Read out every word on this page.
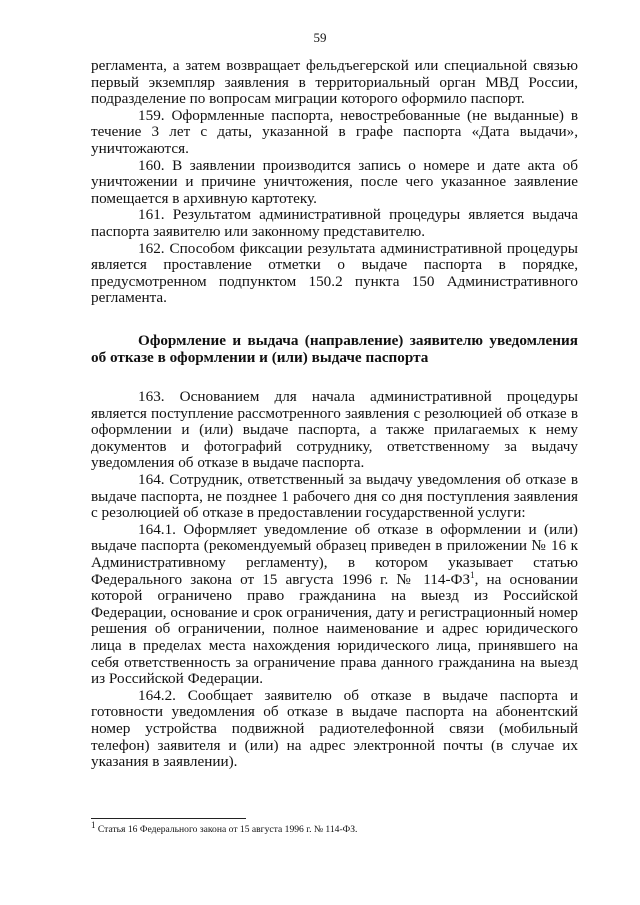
59

регламента, а затем возвращает фельдъегерской или специальной связью первый экземпляр заявления в территориальный орган МВД России, подразделение по вопросам миграции которого оформило паспорт.

159. Оформленные паспорта, невостребованные (не выданные) в течение 3 лет с даты, указанной в графе паспорта «Дата выдачи», уничтожаются.

160. В заявлении производится запись о номере и дате акта об уничтожении и причине уничтожения, после чего указанное заявление помещается в архивную картотеку.

161. Результатом административной процедуры является выдача паспорта заявителю или законному представителю.

162. Способом фиксации результата административной процедуры является проставление отметки о выдаче паспорта в порядке, предусмотренном подпунктом 150.2 пункта 150 Административного регламента.

Оформление и выдача (направление) заявителю уведомления об отказе в оформлении и (или) выдаче паспорта

163. Основанием для начала административной процедуры является поступление рассмотренного заявления с резолюцией об отказе в оформлении и (или) выдаче паспорта, а также прилагаемых к нему документов и фотографий сотруднику, ответственному за выдачу уведомления об отказе в выдаче паспорта.

164. Сотрудник, ответственный за выдачу уведомления об отказе в выдаче паспорта, не позднее 1 рабочего дня со дня поступления заявления с резолюцией об отказе в предоставлении государственной услуги:

164.1. Оформляет уведомление об отказе в оформлении и (или) выдаче паспорта (рекомендуемый образец приведен в приложении № 16 к Административному регламенту), в котором указывает статью Федерального закона от 15 августа 1996 г. № $114-ФЗ^1$, на основании которой ограничено право гражданина на выезд из Российской Федерации, основание и срок ограничения, дату и регистрационный номер решения об ограничении, полное наименование и адрес юридического лица в пределах места нахождения юридического лица, принявшего на себя ответственность за ограничение права данного гражданина на выезд из Российской Федерации.

164.2. Сообщает заявителю об отказе в выдаче паспорта и готовности уведомления об отказе в выдаче паспорта на абонентский номер устройства подвижной радиотелефонной связи (мобильный телефон) заявителя и (или) на адрес электронной почты (в случае их указания в заявлении).

1 Статья 16 Федерального закона от 15 августа 1996 г. № 114-ФЗ.
